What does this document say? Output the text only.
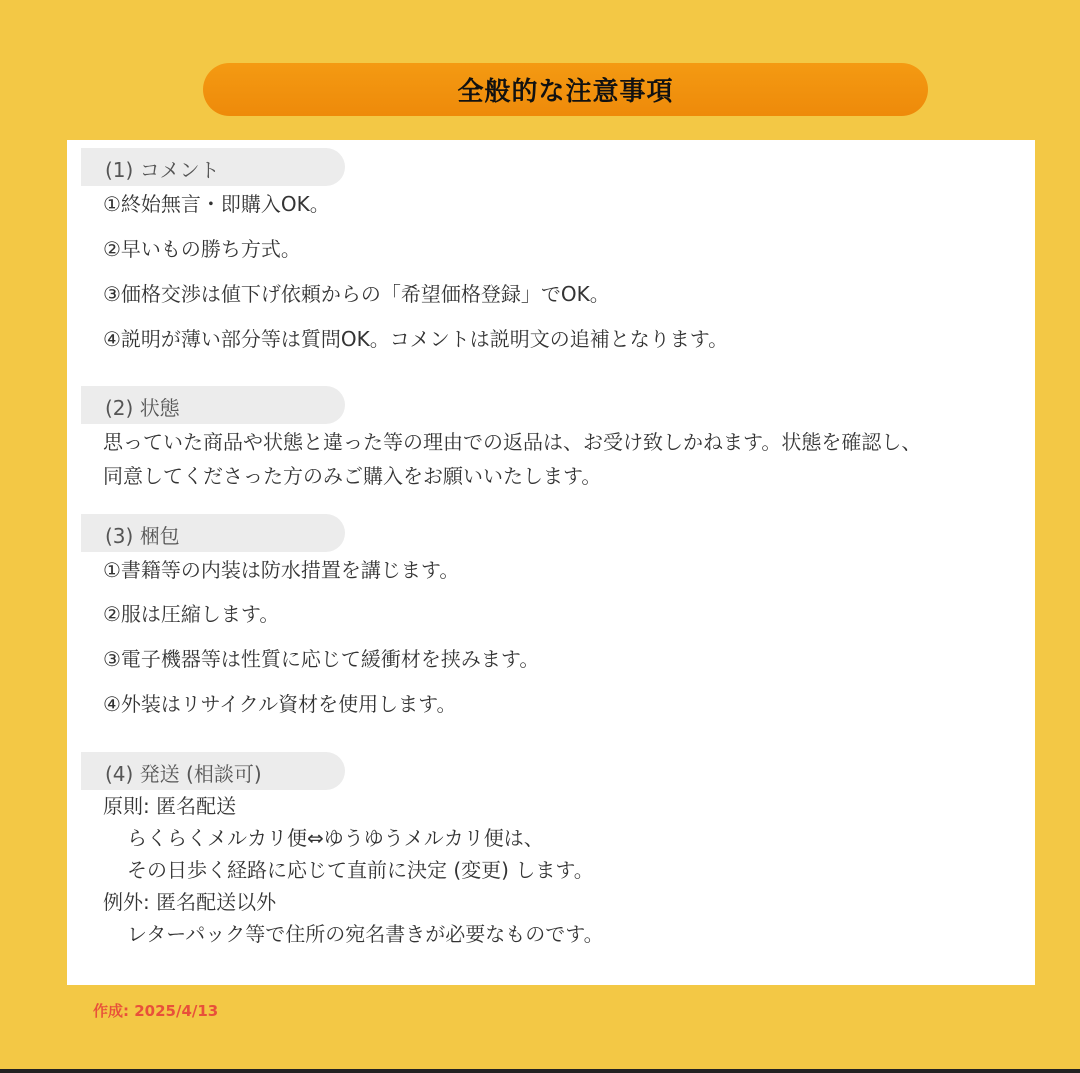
全般的な注意事項
(1) コメント
①終始無言・即購入OK。
②早いもの勝ち方式。
③価格交渉は値下げ依頼からの「希望価格登録」でOK。
④説明が薄い部分等は質問OK。コメントは説明文の追補となります。
(2) 状態
思っていた商品や状態と違った等の理由での返品は、お受け致しかねます。状態を確認し、
同意してくださった方のみご購入をお願いいたします。
(3) 梱包
①書籍等の内装は防水措置を講じます。
②服は圧縮します。
③電子機器等は性質に応じて緩衝材を挟みます。
④外装はリサイクル資材を使用します。
(4) 発送 (相談可)
原則: 匿名配送
らくらくメルカリ便⇔ゆうゆうメルカリ便は、
その日歩く経路に応じて直前に決定 (変更) します。
例外: 匿名配送以外
レターパック等で住所の宛名書きが必要なものです。
作成: 2025/4/13
